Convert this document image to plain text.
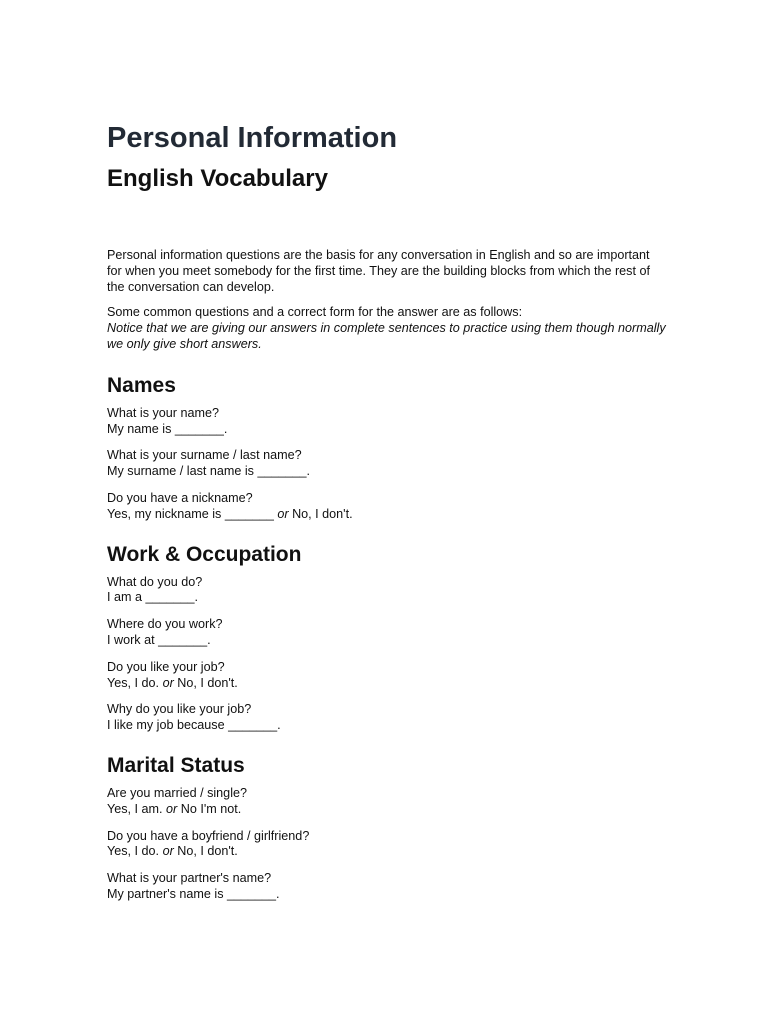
Personal Information
English Vocabulary

Personal information questions are the basis for any conversation in English and so are important for when you meet somebody for the first time. They are the building blocks from which the rest of the conversation can develop.

Some common questions and a correct form for the answer are as follows:
Notice that we are giving our answers in complete sentences to practice using them though normally we only give short answers.

Names

What is your name?
My name is _______.

What is your surname / last name?
My surname / last name is _______.

Do you have a nickname?
Yes, my nickname is _______ or No, I don't.

Work & Occupation

What do you do?
I am a _______.

Where do you work?
I work at _______.

Do you like your job?
Yes, I do. or No, I don't.

Why do you like your job?
I like my job because _______.

Marital Status

Are you married / single?
Yes, I am. or No I'm not.

Do you have a boyfriend / girlfriend?
Yes, I do. or No, I don't.

What is your partner's name?
My partner's name is _______.
